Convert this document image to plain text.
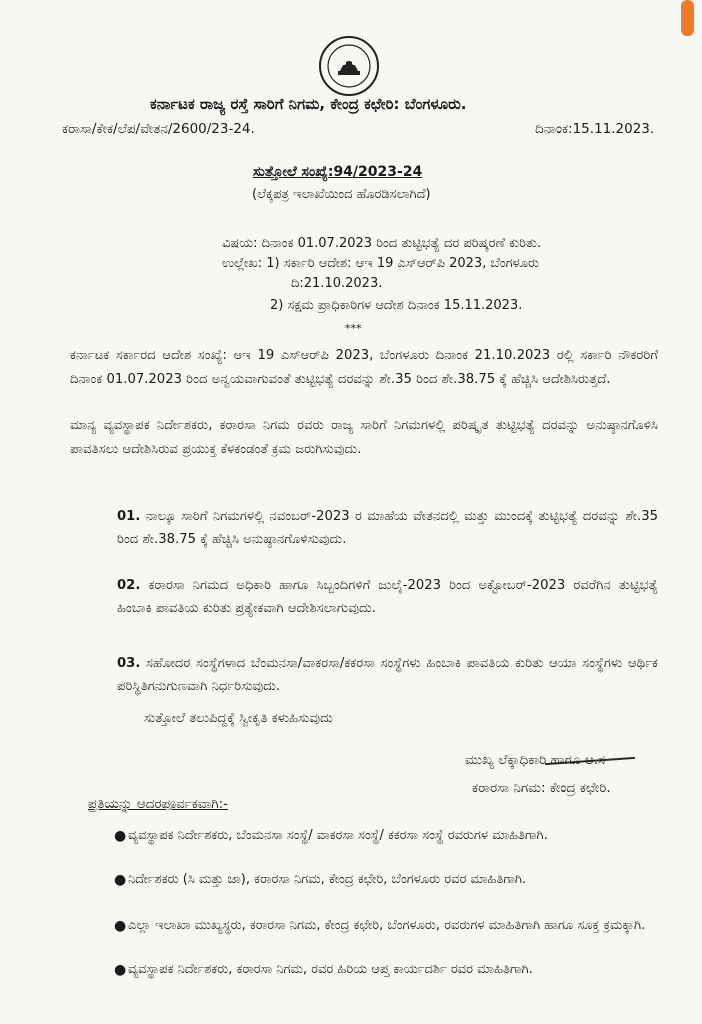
ಕರ್ನಾಟಕ ರಾಜ್ಯ ರಸ್ತೆ ಸಾರಿಗೆ ನಿಗಮ, ಕೇಂದ್ರ ಕಛೇರಿ: ಬೆಂಗಳೂರು.
ಕರಾಸಾ/ಕೇಕ/ಲೆಪ/ವೇತನ/2600/23-24.	ದಿನಾಂಕ:15.11.2023.
ಸುತ್ತೋಲೆ ಸಂಖ್ಯೆ:94/2023-24
(ಲೆಕ್ಕಪತ್ರ ಇಲಾಖೆಯಿಂದ ಹೊರಡಿಸಲಾಗಿದೆ)
ವಿಷಯ: ದಿನಾಂಕ 01.07.2023 ರಿಂದ ತುಟ್ಟಿಭತ್ಯೆ ದರ ಪರಿಷ್ಕರಣೆ ಕುರಿತು.
ಉಲ್ಲೇಖ: 1) ಸರ್ಕಾರಿ ಆದೇಶ: ಆಇ 19 ಎಸ್‌ಆರ್‌ಪಿ 2023, ಬೆಂಗಳೂರು
ದಿ:21.10.2023.
2) ಸಕ್ಷಮ ಪ್ರಾಧಿಕಾರಿಗಳ ಆದೇಶ ದಿನಾಂಕ 15.11.2023.
***
ಕರ್ನಾಟಕ ಸರ್ಕಾರದ ಆದೇಶ ಸಂಖ್ಯೆ: ಆಇ 19 ಎಸ್‌ಆರ್‌ಪಿ 2023, ಬೆಂಗಳೂರು ದಿನಾಂಕ 21.10.2023 ರಲ್ಲಿ ಸರ್ಕಾರಿ ನೌಕರರಿಗೆ ದಿನಾಂಕ 01.07.2023 ರಿಂದ ಅನ್ವಯವಾಗುವಂತೆ ತುಟ್ಟಿಭತ್ಯೆ ದರವನ್ನು ಶೇ.35 ರಿಂದ ಶೇ.38.75 ಕ್ಕೆ ಹೆಚ್ಚಿಸಿ ಆದೇಶಿಸಿರುತ್ತದೆ.
ಮಾನ್ಯ ವ್ಯವಸ್ಥಾಪಕ ನಿರ್ದೇಶಕರು, ಕರಾರಸಾ ನಿಗಮ ರವರು ರಾಜ್ಯ ಸಾರಿಗೆ ನಿಗಮಗಳಲ್ಲಿ ಪರಿಷ್ಕೃತ ತುಟ್ಟಿಭತ್ಯೆ ದರವನ್ನು ಅನುಷ್ಠಾನಗೊಳಿಸಿ ಪಾವತಿಸಲು ಆದೇಶಿಸಿರುವ ಪ್ರಯುಕ್ತ ಕೆಳಕಂಡಂತೆ ಕ್ರಮ ಜರುಗಿಸುವುದು.
01. ನಾಲ್ಕೂ ಸಾರಿಗೆ ನಿಗಮಗಳಲ್ಲಿ ನವಂಬರ್-2023 ರ ಮಾಹೆಯ ವೇತನದಲ್ಲಿ ಮತ್ತು ಮುಂದಕ್ಕೆ ತುಟ್ಟಿಭತ್ಯೆ ದರವನ್ನು ಶೇ.35 ರಿಂದ ಶೇ.38.75 ಕ್ಕೆ ಹೆಚ್ಚಿಸಿ ಅನುಷ್ಠಾನಗೊಳಿಸುವುದು.
02. ಕರಾರಸಾ ನಿಗಮದ ಅಧಿಕಾರಿ ಹಾಗೂ ಸಿಬ್ಬಂದಿಗಳಿಗೆ ಜುಲೈ-2023 ರಿಂದ ಅಕ್ಟೋಬರ್-2023 ರವರೆಗಿನ ತುಟ್ಟಿಭತ್ಯೆ ಹಿಂಬಾಕಿ ಪಾವತಿಯ ಕುರಿತು ಪ್ರತ್ಯೇಕವಾಗಿ ಆದೇಶಿಸಲಾಗುವುದು.
03. ಸಹೋದರ ಸಂಸ್ಥೆಗಳಾದ ಬೆಂಮನಸಾ/ವಾಕರಸಾ/ಕಕರಸಾ ಸಂಸ್ಥೆಗಳು ಹಿಂಬಾಕಿ ಪಾವತಿಯ ಕುರಿತು ಆಯಾ ಸಂಸ್ಥೆಗಳು ಆರ್ಥಿಕ ಪರಿಸ್ಥಿತಿಗನುಗುಣವಾಗಿ ನಿರ್ಧರಿಸುವುದು.
ಸುತ್ತೋಲೆ ತಲುಪಿದ್ದಕ್ಕೆ ಸ್ವೀಕೃತಿ ಕಳುಹಿಸುವುದು
ಮುಖ್ಯ ಲೆಕ್ಕಾಧಿಕಾರಿ ಹಾಗೂ ಆ.ಸ
ಕರಾರಸಾ ನಿಗಮ: ಕೇಂದ್ರ ಕಛೇರಿ.
ಪ್ರತಿಯನ್ನು ಆದರಪೂರ್ವಕವಾಗಿ:-
● ವ್ಯವಸ್ಥಾಪಕ ನಿರ್ದೇಶಕರು, ಬೆಂಮನಸಾ ಸಂಸ್ಥೆ/ ವಾಕರಸಾ ಸಂಸ್ಥೆ/ ಕಕರಸಾ ಸಂಸ್ಥೆ ರವರುಗಳ ಮಾಹಿತಿಗಾಗಿ.
● ನಿರ್ದೇಶಕರು (ಸಿ ಮತ್ತು ಜಾ), ಕರಾರಸಾ ನಿಗಮ, ಕೇಂದ್ರ ಕಛೇರಿ, ಬೆಂಗಳೂರು ರವರ ಮಾಹಿತಿಗಾಗಿ.
● ಎಲ್ಲಾ ಇಲಾಖಾ ಮುಖ್ಯಸ್ಥರು, ಕರಾರಸಾ ನಿಗಮ, ಕೇಂದ್ರ ಕಛೇರಿ, ಬೆಂಗಳೂರು, ರವರುಗಳ ಮಾಹಿತಿಗಾಗಿ ಹಾಗೂ ಸೂಕ್ತ ಕ್ರಮಕ್ಕಾಗಿ.
● ವ್ಯವಸ್ಥಾಪಕ ನಿರ್ದೇಶಕರು, ಕರಾರಸಾ ನಿಗಮ, ರವರ ಹಿರಿಯ ಆಪ್ತ ಕಾರ್ಯದರ್ಶಿ ರವರ ಮಾಹಿತಿಗಾಗಿ.
